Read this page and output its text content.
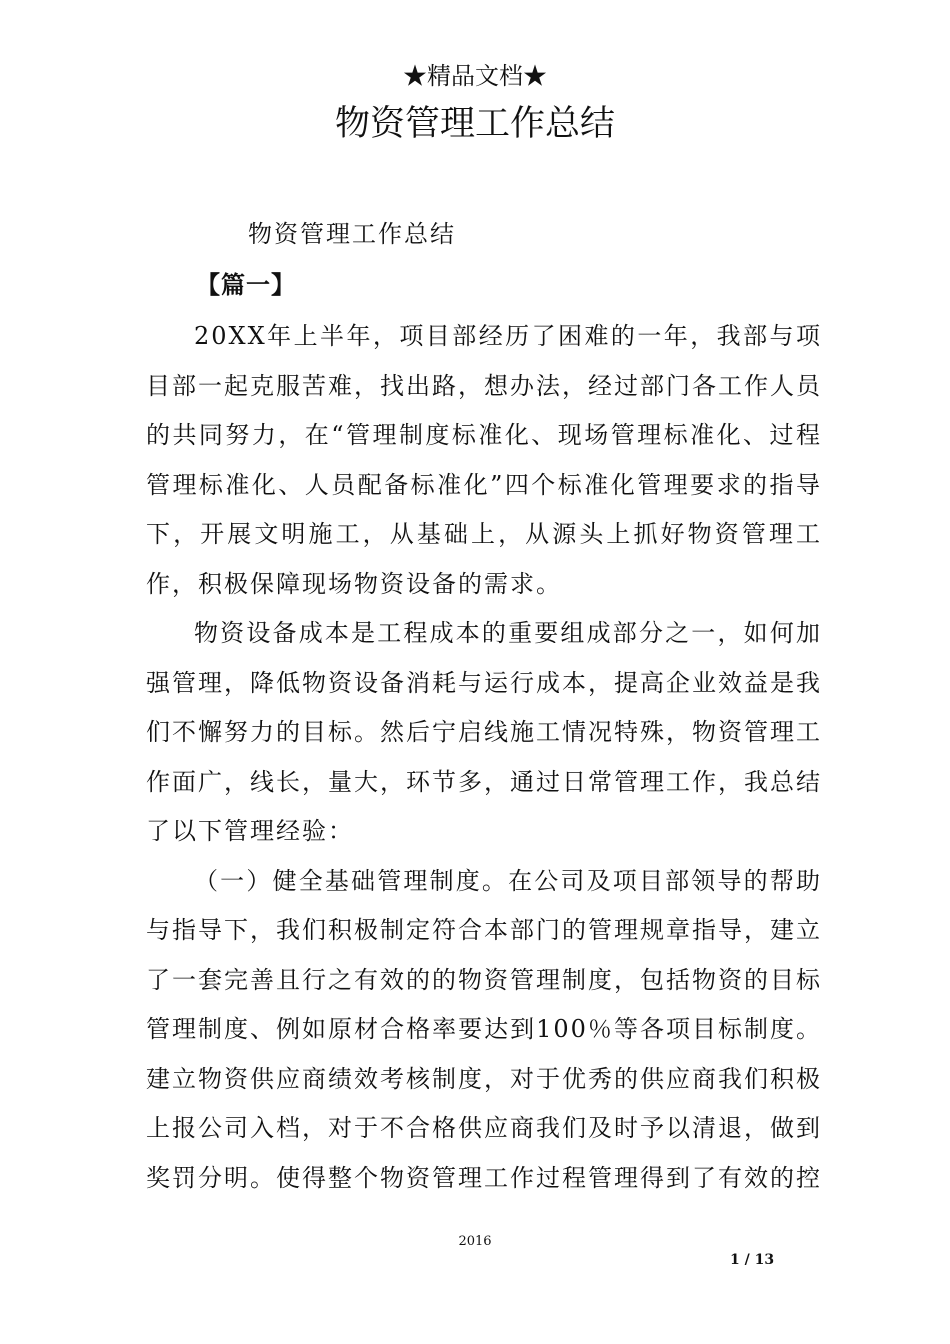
★精品文档★
物资管理工作总结
物资管理工作总结
【篇一】

20XX年上半年，项目部经历了困难的一年，我部与项目部一起克服苦难，找出路，想办法，经过部门各工作人员的共同努力，在“管理制度标准化、现场管理标准化、过程管理标准化、人员配备标准化”四个标准化管理要求的指导下，开展文明施工，从基础上，从源头上抓好物资管理工作，积极保障现场物资设备的需求。

物资设备成本是工程成本的重要组成部分之一，如何加强管理，降低物资设备消耗与运行成本，提高企业效益是我们不懈努力的目标。然后宁启线施工情况特殊，物资管理工作面广，线长，量大，环节多，通过日常管理工作，我总结了以下管理经验：

（一）健全基础管理制度。在公司及项目部领导的帮助与指导下，我们积极制定符合本部门的管理规章指导，建立了一套完善且行之有效的的物资管理制度，包括物资的目标管理制度、例如原材合格率要达到100％等各项目标制度。建立物资供应商绩效考核制度，对于优秀的供应商我们积极上报公司入档，对于不合格供应商我们及时予以清退，做到奖罚分明。使得整个物资管理工作过程管理得到了有效的控

2016
1 / 13
